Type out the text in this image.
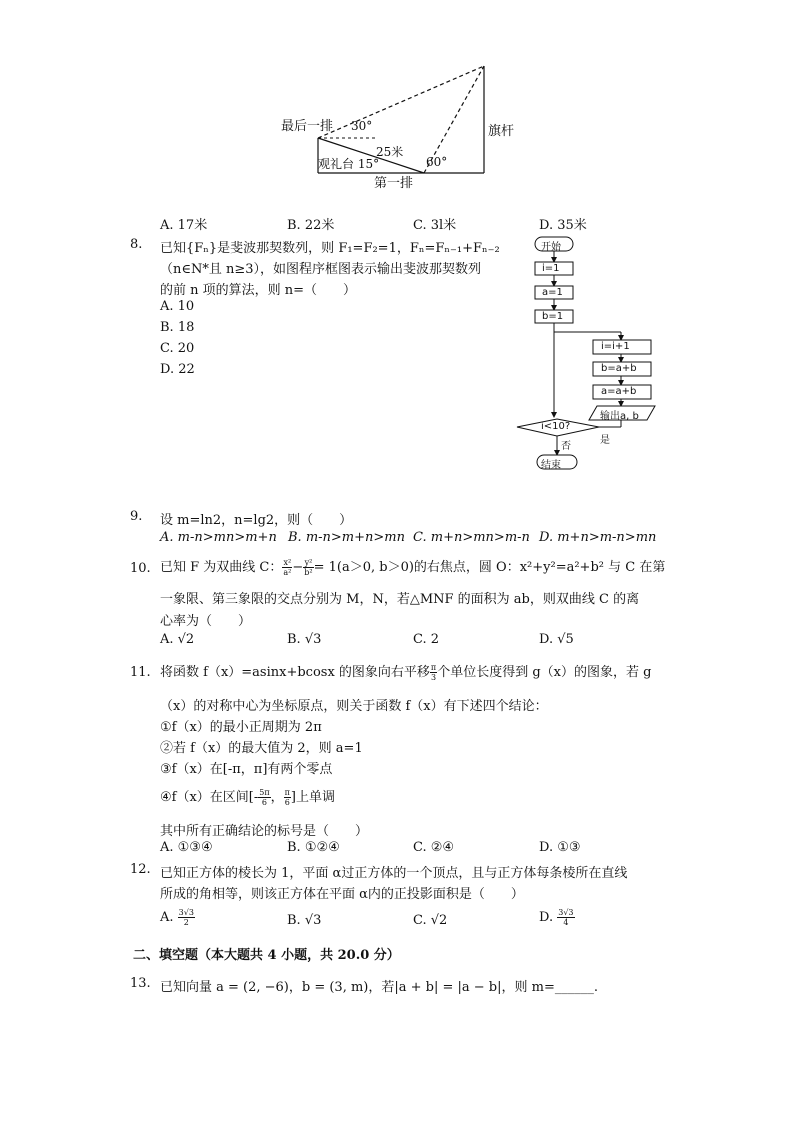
最后一排 30°
25米
观礼台 15°	60°
第一排
旗杆
A. 17米	B. 22米	C. 3l米	D. 35米
8. 已知{Fₙ}是斐波那契数列，则 F₁=F₂=1，Fₙ=Fₙ₋₁+Fₙ₋₂
（n∈N*且 n≥3），如图程序框图表示输出斐波那契数列
的前 n 项的算法，则 n=（　　）
A. 10
B. 18
C. 20
D. 22
开始
i=1
a=1
b=1
i=i+1
b=a+b
a=a+b
输出a, b
i<10?
否
是
结束
9. 设 m=ln2，n=lg2，则（　　）
A. m-n>mn>m+n B. m-n>m+n>mn C. m+n>mn>m-n D. m+n>m-n>mn
10. 已知 F 为双曲线 C： $\frac{\text{x²}}{\text{a²}} - \frac{\text{y²}}{\text{b²}} = 1(a>0$, b＞0)的右焦点，圆 O：x²+y²=a²+b² 与 C 在第
一象限、第三象限的交点分别为 M，N，若△MNF 的面积为 ab，则双曲线 C 的离
心率为（　　）
A. √2	B. √3	C. 2	D. √5
11. 将函数 f（x）=asinx+bcosx 的图象向右平移 $\frac{\pi}{3}$ 个单位长度得到 g（x）的图象，若 g
（x）的对称中心为坐标原点，则关于函数 f（x）有下述四个结论：
①f（x）的最小正周期为 2π
②若 f（x）的最大值为 2，则 a=1
③f（x）在[-π，π]有两个零点
④f（x）在区间[- $\frac{5\pi}{6}$ ， $\frac{\pi}{6}$ ]上单调
其中所有正确结论的标号是（　　）
A. ①③④	B. ①②④	C. ②④	D. ①③
12. 已知正方体的棱长为 1，平面 α过正方体的一个顶点，且与正方体每条棱所在直线
所成的角相等，则该正方体在平面 α内的正投影面积是（　　）
A. $\frac{3√3}{2}$	B. √3	C. √2	D. $\frac{3√3}{4}$
二、填空题（本大题共 4 小题，共 20.0 分）
13. 已知向量 a = (2, −6)，b = (3, m)，若|a + b| = |a − b|，则 m=______.
